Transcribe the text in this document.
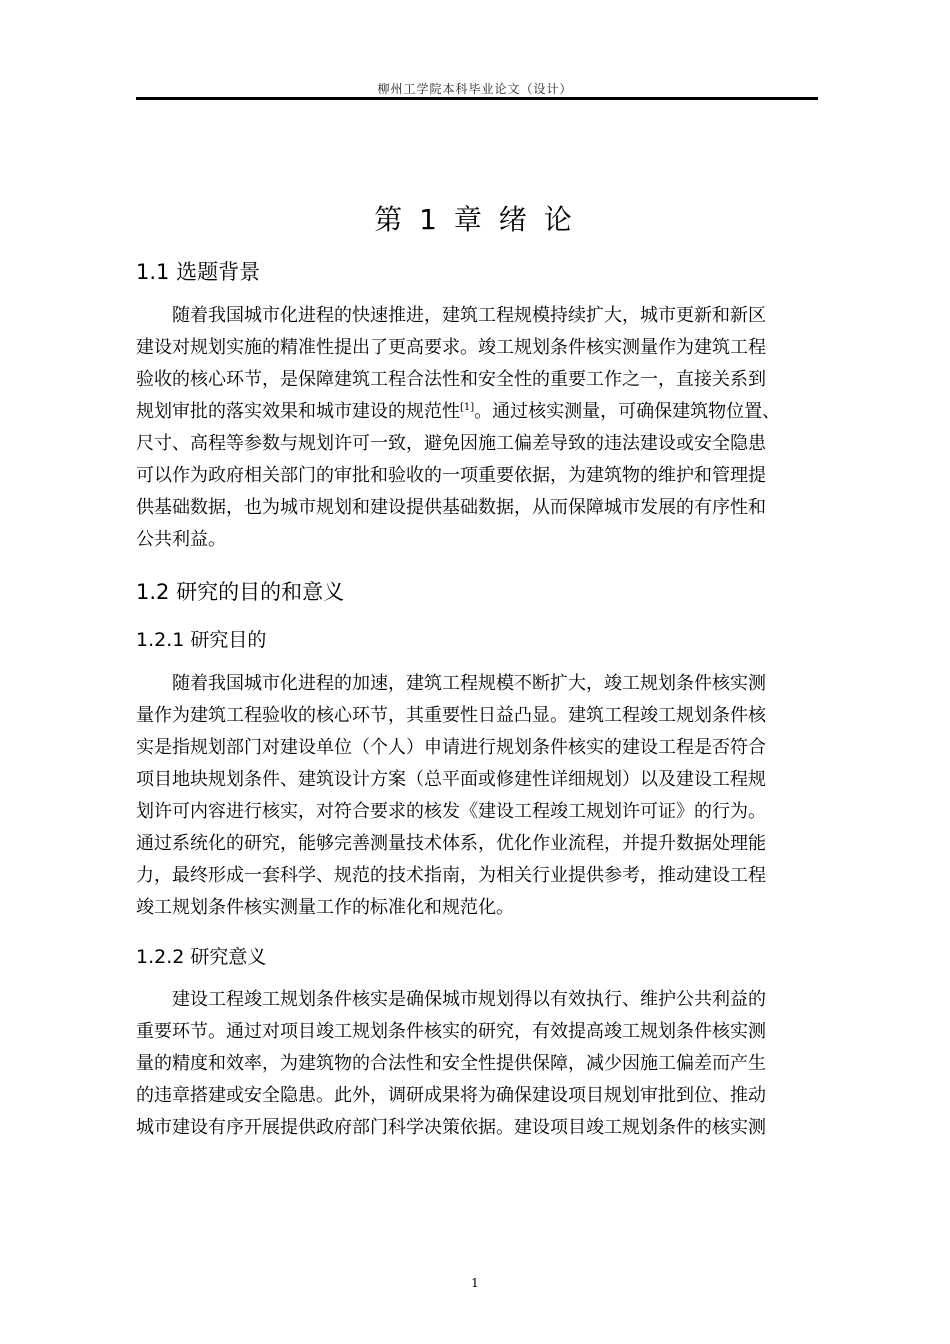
柳州工学院本科毕业论文（设计）
第 1 章 绪 论
1.1 选题背景
随着我国城市化进程的快速推进，建筑工程规模持续扩大，城市更新和新区
建设对规划实施的精准性提出了更高要求。竣工规划条件核实测量作为建筑工程
验收的核心环节，是保障建筑工程合法性和安全性的重要工作之一，直接关系到
规划审批的落实效果和城市建设的规范性[1]。通过核实测量，可确保建筑物位置、
尺寸、高程等参数与规划许可一致，避免因施工偏差导致的违法建设或安全隐患
可以作为政府相关部门的审批和验收的一项重要依据，为建筑物的维护和管理提
供基础数据，也为城市规划和建设提供基础数据，从而保障城市发展的有序性和
公共利益。
1.2 研究的目的和意义
1.2.1 研究目的
随着我国城市化进程的加速，建筑工程规模不断扩大，竣工规划条件核实测
量作为建筑工程验收的核心环节，其重要性日益凸显。建筑工程竣工规划条件核
实是指规划部门对建设单位（个人）申请进行规划条件核实的建设工程是否符合
项目地块规划条件、建筑设计方案（总平面或修建性详细规划）以及建设工程规
划许可内容进行核实，对符合要求的核发《建设工程竣工规划许可证》的行为。
通过系统化的研究，能够完善测量技术体系，优化作业流程，并提升数据处理能
力，最终形成一套科学、规范的技术指南，为相关行业提供参考，推动建设工程
竣工规划条件核实测量工作的标准化和规范化。
1.2.2 研究意义
建设工程竣工规划条件核实是确保城市规划得以有效执行、维护公共利益的
重要环节。通过对项目竣工规划条件核实的研究，有效提高竣工规划条件核实测
量的精度和效率，为建筑物的合法性和安全性提供保障，减少因施工偏差而产生
的违章搭建或安全隐患。此外，调研成果将为确保建设项目规划审批到位、推动
城市建设有序开展提供政府部门科学决策依据。建设项目竣工规划条件的核实测
1
